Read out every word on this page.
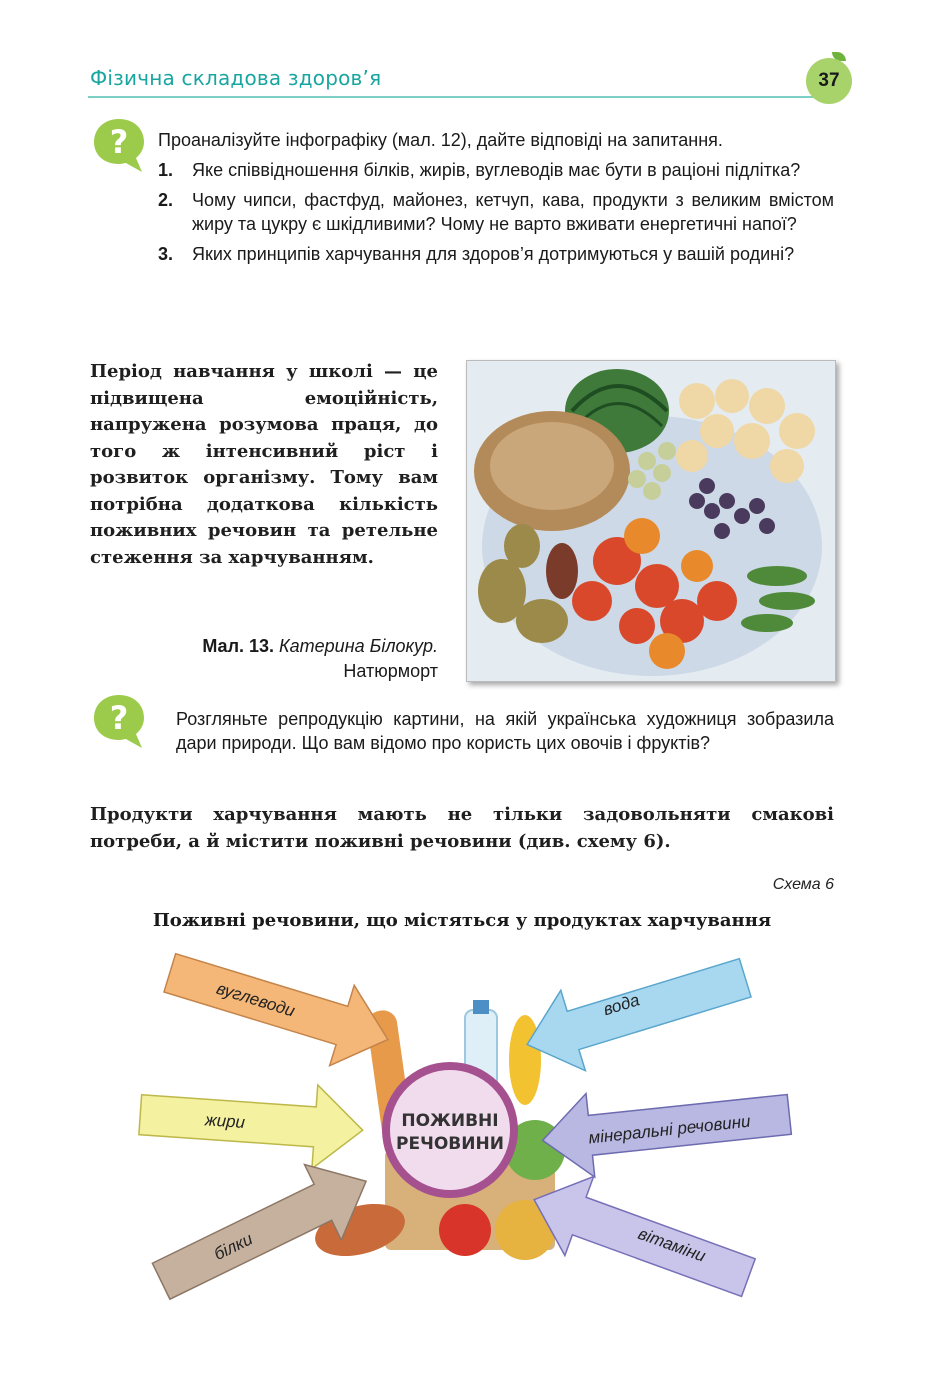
Фізична складова здоров’я	37
? Проаналізуйте інфографіку (мал. 12), дайте відповіді на запитання.
1. Яке співвідношення білків, жирів, вуглеводів має бути в раціоні підлітка?
2. Чому чипси, фастфуд, майонез, кетчуп, кава, продукти з великим вмістом жиру та цукру є шкідливими? Чому не варто вживати енергетичні напої?
3. Яких принципів харчування для здоров’я дотримуються у вашій родині?
Період навчання у школі — це підвищена емоційність, напружена розумова праця, до того ж інтенсивний ріст і розвиток організму. Тому вам потрібна додаткова кількість поживних речовин та ретельне стеження за харчуванням.
Мал. 13. Катерина Білокур.
Натюрморт
?	Розгляньте репродукцію картини, на якій українська художниця зобразила дари природи. Що вам відомо про користь цих овочів і фруктів?
Продукти харчування мають не тільки задовольняти смакові потреби, а й містити поживні речовини (див. схему 6).
Схема 6
Поживні речовини, що містяться у продуктах харчування
ПОЖИВНІ
РЕЧОВИНИ
вуглеводи	вода
жири	мінеральні речовини
білки	вітаміни
